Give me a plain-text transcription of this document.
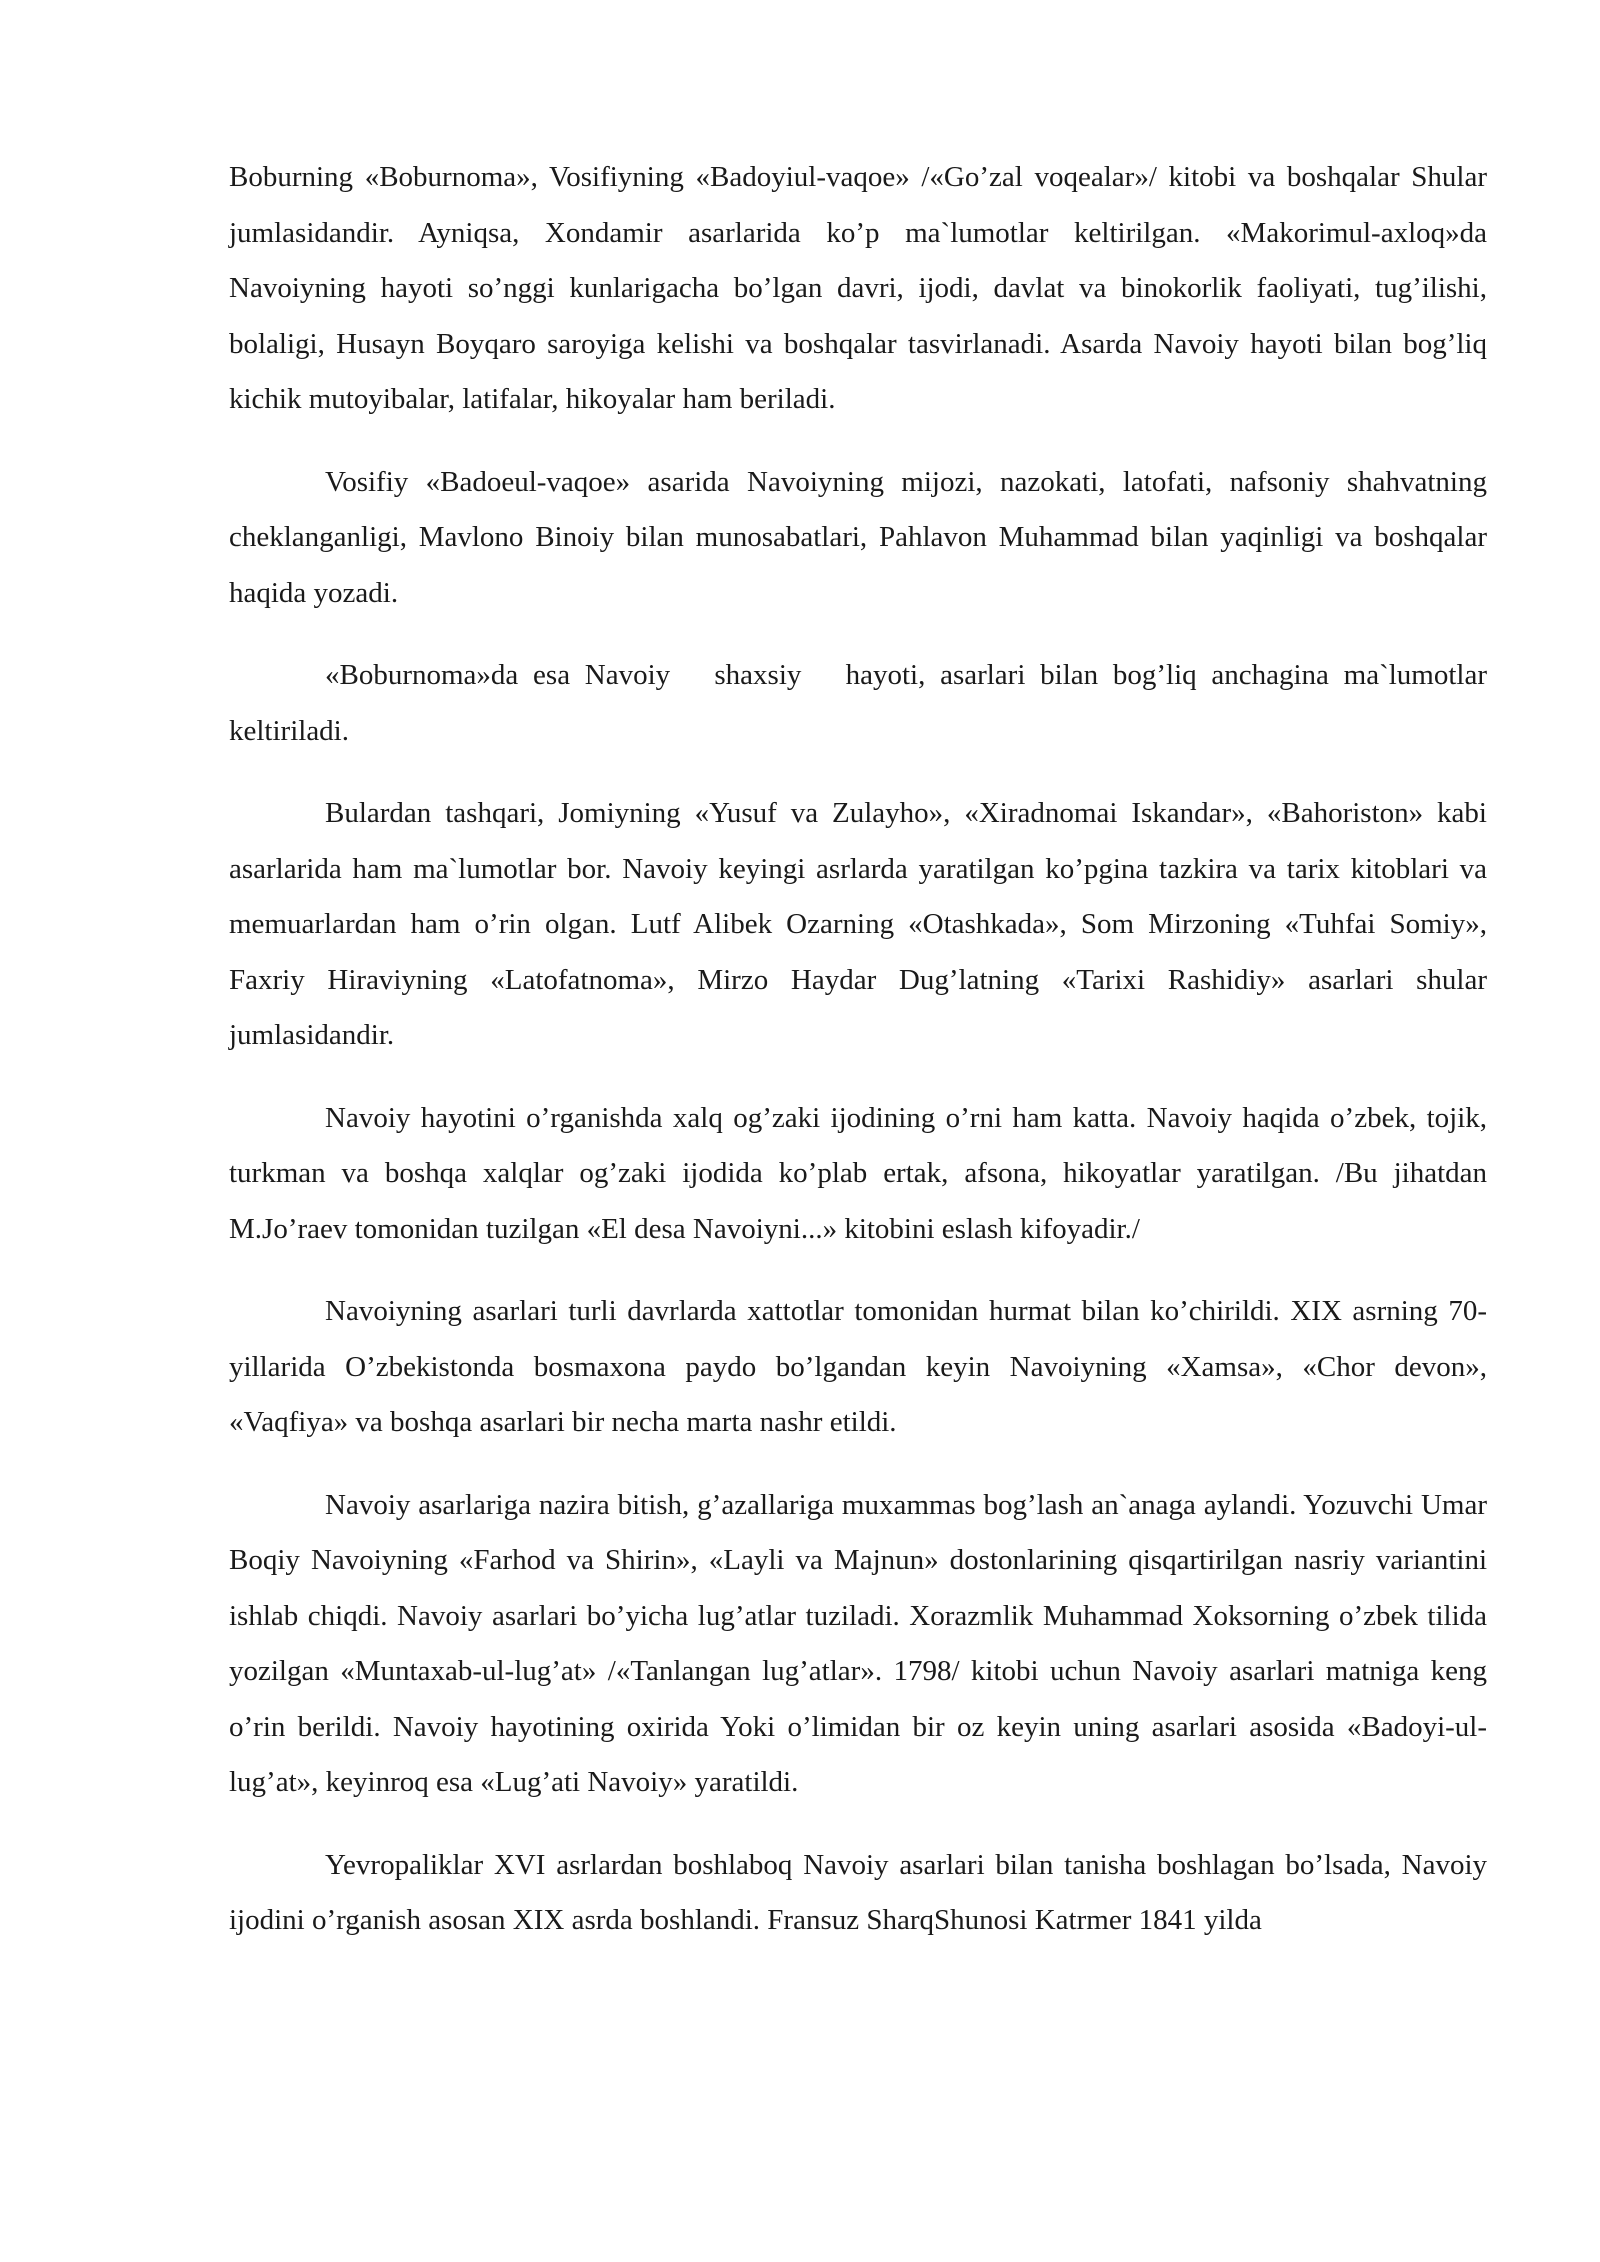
Boburning «Boburnoma», Vosifiyning «Badoyiul-vaqoe» /«Go’zal voqealar»/ kitobi va boshqalar Shular jumlasidandir. Ayniqsa, Xondamir asarlarida ko’p ma`lumotlar keltirilgan. «Makorimul-axloq»da Navoiyning hayoti so’nggi kunlarigacha bo’lgan davri, ijodi, davlat va binokorlik faoliyati, tug’ilishi, bolaligi, Husayn Boyqaro saroyiga kelishi va boshqalar tasvirlanadi. Asarda Navoiy hayoti bilan bog’liq kichik mutoyibalar, latifalar, hikoyalar ham beriladi.

Vosifiy «Badoeul-vaqoe» asarida Navoiyning mijozi, nazokati, latofati, nafsoniy shahvatning cheklanganligi, Mavlono Binoiy bilan munosabatlari, Pahlavon Muhammad bilan yaqinligi va boshqalar haqida yozadi.

«Boburnoma»da esa Navoiy   shaxsiy   hayoti, asarlari bilan bog’liq anchagina ma`lumotlar keltiriladi.

Bulardan tashqari, Jomiyning «Yusuf va Zulayho», «Xiradnomai Iskandar», «Bahoriston» kabi asarlarida ham ma`lumotlar bor. Navoiy keyingi asrlarda yaratilgan ko’pgina tazkira va tarix kitoblari va memuarlardan ham o’rin olgan. Lutf Alibek Ozarning «Otashkada», Som Mirzoning «Tuhfai Somiy», Faxriy Hiraviyning «Latofatnoma», Mirzo Haydar Dug’latning «Tarixi Rashidiy» asarlari shular jumlasidandir.

Navoiy hayotini o’rganishda xalq og’zaki ijodining o’rni ham katta. Navoiy haqida o’zbek, tojik, turkman va boshqa xalqlar og’zaki ijodida ko’plab ertak, afsona, hikoyatlar yaratilgan. /Bu jihatdan M.Jo’raev tomonidan tuzilgan «El desa Navoiyni...» kitobini eslash kifoyadir./

Navoiyning asarlari turli davrlarda xattotlar tomonidan hurmat bilan ko’chirildi. XIX asrning 70-yillarida O’zbekistonda bosmaxona paydo bo’lgandan keyin Navoiyning «Xamsa», «Chor devon», «Vaqfiya» va boshqa asarlari bir necha marta nashr etildi.

Navoiy asarlariga nazira bitish, g’azallariga muxammas bog’lash an`anaga aylandi. Yozuvchi Umar Boqiy Navoiyning «Farhod va Shirin», «Layli va Majnun» dostonlarining qisqartirilgan nasriy variantini ishlab chiqdi. Navoiy asarlari bo’yicha lug’atlar tuziladi. Xorazmlik Muhammad Xoksorning o’zbek tilida yozilgan «Muntaxab-ul-lug’at» /«Tanlangan lug’atlar». 1798/ kitobi uchun Navoiy asarlari matniga keng o’rin berildi. Navoiy hayotining oxirida Yoki o’limidan bir oz keyin uning asarlari asosida «Badoyi-ul-lug’at», keyinroq esa «Lug’ati Navoiy» yaratildi.

Yevropaliklar XVI asrlardan boshlaboq Navoiy asarlari bilan tanisha boshlagan bo’lsada, Navoiy ijodini o’rganish asosan XIX asrda boshlandi. Fransuz SharqShunosi Katrmer 1841 yilda
